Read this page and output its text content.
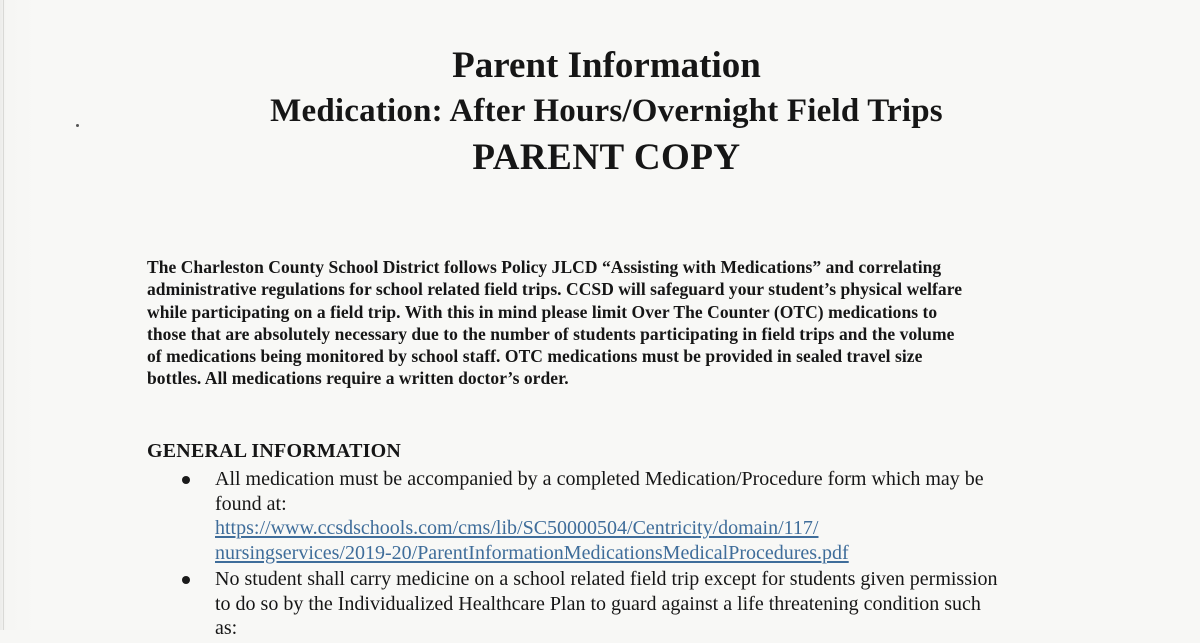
Parent Information
Medication: After Hours/Overnight Field Trips
PARENT COPY
The Charleston County School District follows Policy JLCD “Assisting with Medications” and correlating
administrative regulations for school related field trips. CCSD will safeguard your student’s physical welfare
while participating on a field trip. With this in mind please limit Over The Counter (OTC) medications to
those that are absolutely necessary due to the number of students participating in field trips and the volume
of medications being monitored by school staff. OTC medications must be provided in sealed travel size
bottles. All medications require a written doctor’s order.
GENERAL INFORMATION
All medication must be accompanied by a completed Medication/Procedure form which may be
found at:
https://www.ccsdschools.com/cms/lib/SC50000504/Centricity/domain/117/
nursingservices/2019-20/ParentInformationMedicationsMedicalProcedures.pdf
No student shall carry medicine on a school related field trip except for students given permission
to do so by the Individualized Healthcare Plan to guard against a life threatening condition such
as:
